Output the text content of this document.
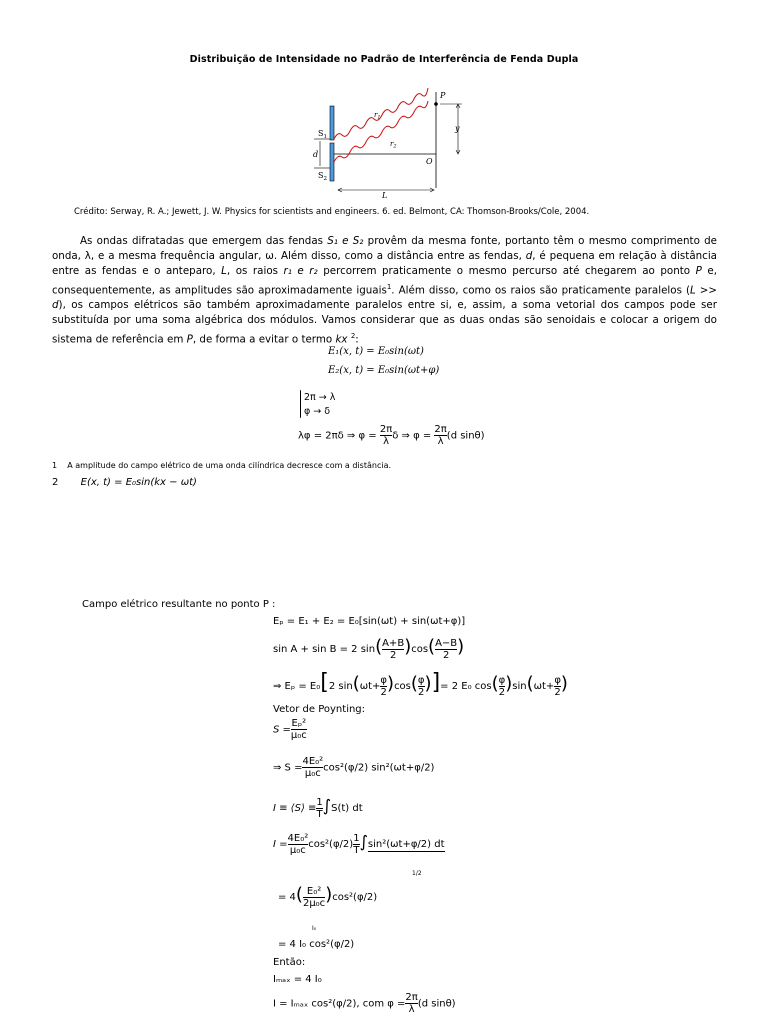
Distribuição de Intensidade no Padrão de Interferência de Fenda Dupla
P
y
$S_1$
$S_2$
d
O
L
$r_1$
$r_2$
Crédito: Serway, R. A.; Jewett, J. W. Physics for scientists and engineers. 6. ed. Belmont, CA: Thomson-Brooks/Cole, 2004.

As ondas difratadas que emergem das fendas S₁ e S₂ provêm da mesma fonte, portanto têm o mesmo comprimento de onda, λ, e a mesma frequência angular, ω. Além disso, como a distância entre as fendas, d, é pequena em relação à distância entre as fendas e o anteparo, L, os raios r₁ e r₂ percorrem praticamente o mesmo percurso até chegarem ao ponto P e, consequentemente, as amplitudes são aproximadamente iguais$^1$. Além disso, como os raios são praticamente paralelos (L >> d), os campos elétricos são também aproximadamente paralelos entre si, e, assim, a soma vetorial dos campos pode ser substituída por uma soma algébrica dos módulos. Vamos considerar que as duas ondas são senoidais e colocar a origem do sistema de referência em P, de forma a evitar o termo kx $^2$:

E₁(x, t) = E₀sin(ωt)
E₂(x, t) = E₀sin(ωt+φ)
2π → λ
φ → δ
λφ = 2πδ ⇒ $\varphi = \frac{2\pi}{\lambda}$ δ ⇒ $\varphi = \frac{2\pi}{\lambda} (d$ sinθ)
1 A amplitude do campo elétrico de uma onda cilíndrica decresce com a distância.
2 E(x, t) = E₀sin(kx − ωt)
Campo elétrico resultante no ponto P :
Eₚ = E₁ + E₂ = E₀[sin(ωt) + sin(ωt+φ)]
sin A + sin B = 2 $\sin( \frac{A+B}{2} )\cos( \frac{A-B}{2}$ )
⇒ Eₚ = E₀[2 $\sin(\omega t+ \frac{\varphi}{2} )\cos( \frac{\varphi}{2}$ )]= 2 E₀ $\cos( \frac{\varphi}{2} )\sin(\omega t+ \frac{\varphi}{2}$ )
Vetor de Poynting:
$S = \frac{\text{Eₚ²}}{\text{μ₀c}}$
⇒ $S = \frac{\text{4E₀²}}{\text{μ₀c}} \cos^2(\varphi/2)$ sin²(ωt+φ/2)
I ≡ ⟨S⟩ ≡ $\frac{1}{T} \int S(t)$ dt
$I = \frac{\text{4E₀²}}{\text{μ₀c}} \cos^2(\varphi/2) \frac{1}{T} \int\sin^2(\omega t+\varphi/2)$ dt
1/2
= $4( \frac{\text{E₀²}}{\text{2μ₀c}} )\cos^2(\varphi/2)$
I₀
= 4 I₀ cos²(φ/2)
Então:
Iₘₐₓ = 4 I₀
I = Iₘₐₓ cos²(φ/2), com $\varphi = \frac{2\pi}{\lambda} (d$ sinθ)
